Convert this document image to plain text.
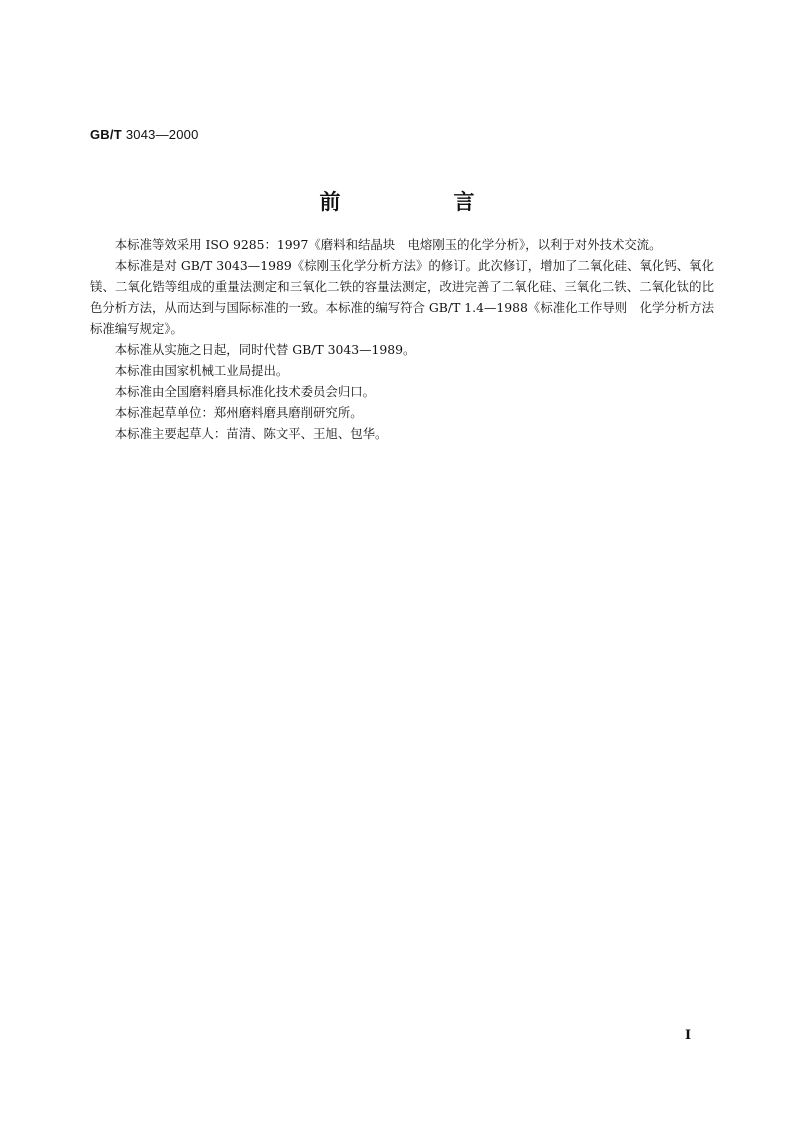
GB/T 3043—2000
前　言

本标准等效采用 ISO 9285：1997《磨料和结晶块　电熔刚玉的化学分析》，以利于对外技术交流。

本标准是对 GB/T 3043—1989《棕刚玉化学分析方法》的修订。此次修订，增加了二氧化硅、氧化钙、氧化镁、二氧化锆等组成的重量法测定和三氧化二铁的容量法测定，改进完善了二氧化硅、三氧化二铁、二氧化钛的比色分析方法，从而达到与国际标准的一致。本标准的编写符合 GB/T 1.4—1988《标准化工作导则　化学分析方法标准编写规定》。

本标准从实施之日起，同时代替 GB/T 3043—1989。

本标准由国家机械工业局提出。

本标准由全国磨料磨具标准化技术委员会归口。

本标准起草单位：郑州磨料磨具磨削研究所。

本标准主要起草人：苗清、陈文平、王旭、包华。

Ⅰ
